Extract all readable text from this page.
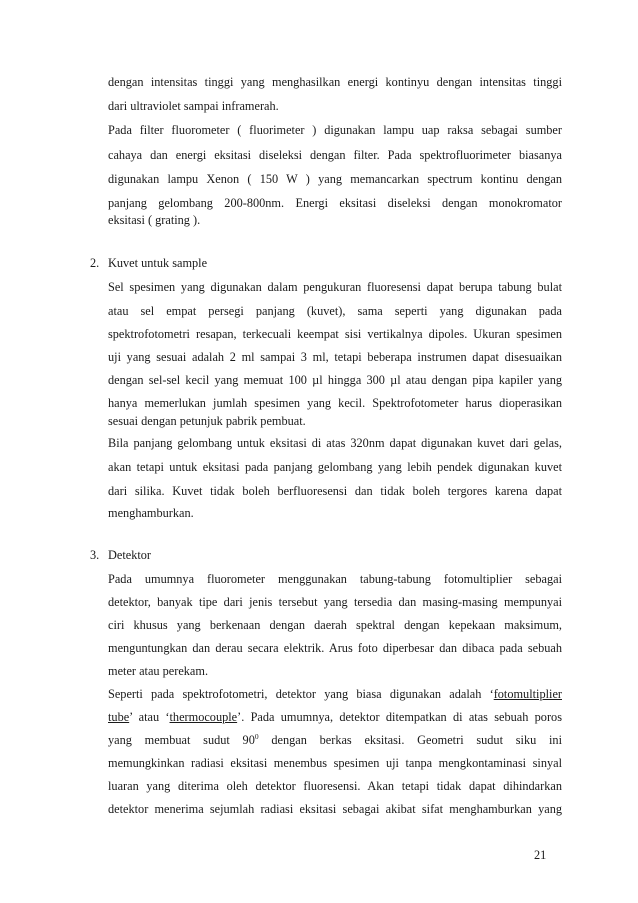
dengan intensitas tinggi yang menghasilkan energi kontinyu dengan intensitas tinggi
dari ultraviolet sampai inframerah.
Pada filter fluorometer ( fluorimeter ) digunakan lampu uap raksa sebagai sumber
cahaya dan energi eksitasi diseleksi dengan filter. Pada spektrofluorimeter biasanya
digunakan lampu Xenon ( 150 W ) yang memancarkan spectrum kontinu dengan
panjang gelombang 200-800nm. Energi eksitasi diseleksi dengan monokromator
eksitasi ( grating ).
2. Kuvet untuk sample
Sel spesimen yang digunakan dalam pengukuran fluoresensi dapat berupa tabung bulat
atau sel empat persegi panjang (kuvet), sama seperti yang digunakan pada
spektrofotometri resapan, terkecuali keempat sisi vertikalnya dipoles. Ukuran spesimen
uji yang sesuai adalah 2 ml sampai 3 ml, tetapi beberapa instrumen dapat disesuaikan
dengan sel-sel kecil yang memuat 100 µl hingga 300 µl atau dengan pipa kapiler yang
hanya memerlukan jumlah spesimen yang kecil. Spektrofotometer harus dioperasikan
sesuai dengan petunjuk pabrik pembuat.
Bila panjang gelombang untuk eksitasi di atas 320nm dapat digunakan kuvet dari gelas,
akan tetapi untuk eksitasi pada panjang gelombang yang lebih pendek digunakan kuvet
dari silika. Kuvet tidak boleh berfluoresensi dan tidak boleh tergores karena dapat
menghamburkan.
3. Detektor
Pada umumnya fluorometer menggunakan tabung-tabung fotomultiplier sebagai
detektor, banyak tipe dari jenis tersebut yang tersedia dan masing-masing mempunyai
ciri khusus yang berkenaan dengan daerah spektral dengan kepekaan maksimum,
menguntungkan dan derau secara elektrik. Arus foto diperbesar dan dibaca pada sebuah
meter atau perekam.
Seperti pada spektrofotometri, detektor yang biasa digunakan adalah ‘fotomultiplier
tube’ atau ‘thermocouple’. Pada umumnya, detektor ditempatkan di atas sebuah poros
yang membuat sudut $90^0$ dengan berkas eksitasi. Geometri sudut siku ini
memungkinkan radiasi eksitasi menembus spesimen uji tanpa mengkontaminasi sinyal
luaran yang diterima oleh detektor fluoresensi. Akan tetapi tidak dapat dihindarkan
detektor menerima sejumlah radiasi eksitasi sebagai akibat sifat menghamburkan yang
21
